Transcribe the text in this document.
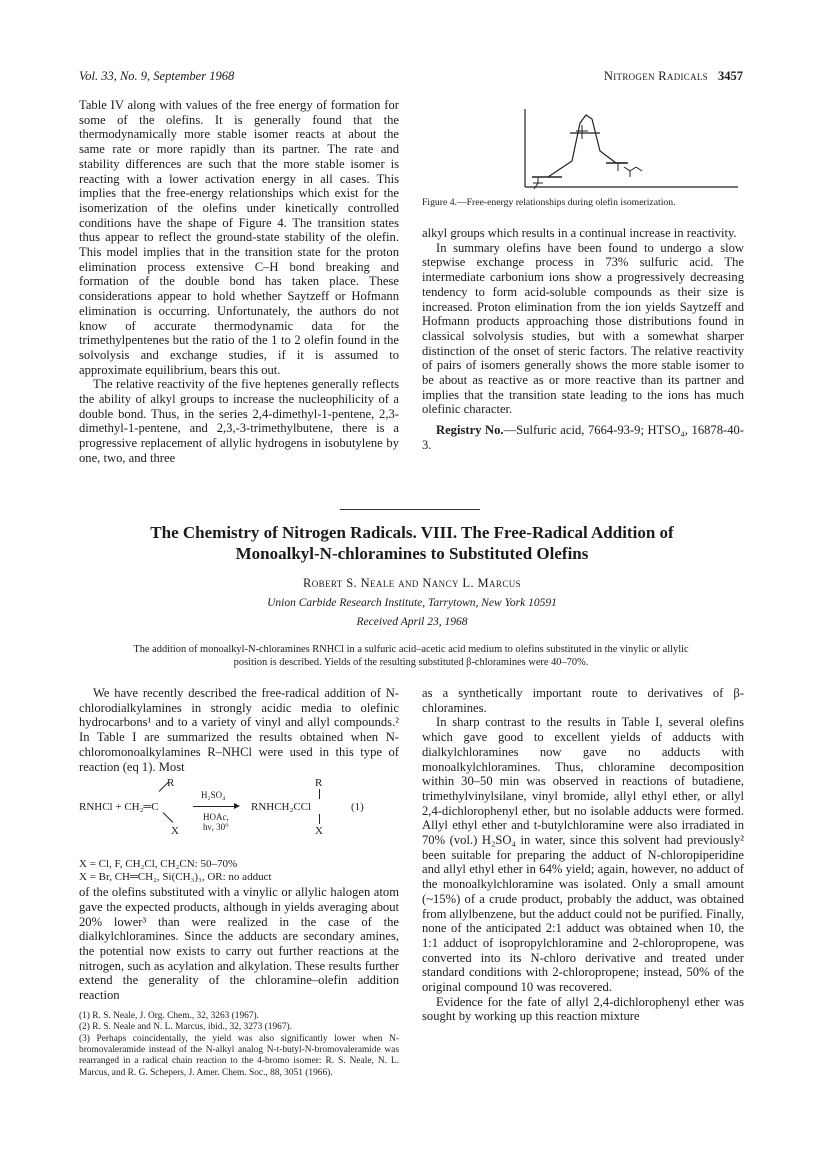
Vol. 33, No. 9, September 1968	Nitrogen Radicals 3457

Table IV along with values of the free energy of formation for some of the olefins. It is generally found that the thermodynamically more stable isomer reacts at about the same rate or more rapidly than its partner. The rate and stability differences are such that the more stable isomer is reacting with a lower activation energy in all cases. This implies that the free-energy relationships which exist for the isomerization of the olefins under kinetically controlled conditions have the shape of Figure 4. The transition states thus appear to reflect the ground-state stability of the olefin. This model implies that in the transition state for the proton elimination process extensive C–H bond breaking and formation of the double bond has taken place. These considerations appear to hold whether Saytzeff or Hofmann elimination is occurring. Unfortunately, the authors do not know of accurate thermodynamic data for the trimethylpentenes but the ratio of the 1 to 2 olefin found in the solvolysis and exchange studies, if it is assumed to approximate equilibrium, bears this out.

The relative reactivity of the five heptenes generally reflects the ability of alkyl groups to increase the nucleophilicity of a double bond. Thus, in the series 2,4-dimethyl-1-pentene, 2,3-dimethyl-1-pentene, and 2,3,-3-trimethylbutene, there is a progressive replacement of allylic hydrogens in isobutylene by one, two, and three

Figure 4.—Free-energy relationships during olefin isomerization.

alkyl groups which results in a continual increase in reactivity.

In summary olefins have been found to undergo a slow stepwise exchange process in 73% sulfuric acid. The intermediate carbonium ions show a progressively decreasing tendency to form acid-soluble compounds as their size is increased. Proton elimination from the ion yields Saytzeff and Hofmann products approaching those distributions found in classical solvolysis studies, but with a somewhat sharper distinction of the onset of steric factors. The relative reactivity of pairs of isomers generally shows the more stable isomer to be about as reactive as or more reactive than its partner and implies that the transition state leading to the ions has much olefinic character.

Registry No.—Sulfuric acid, 7664-93-9; HTSO₄, 16878-40-3.

The Chemistry of Nitrogen Radicals. VIII. The Free-Radical Addition of
Monoalkyl-N-chloramines to Substituted Olefins
Robert S. Neale and Nancy L. Marcus
Union Carbide Research Institute, Tarrytown, New York 10591
Received April 23, 1968
The addition of monoalkyl-N-chloramines RNHCl in a sulfuric acid–acetic acid medium to olefins substituted in the vinylic or allylic position is described. Yields of the resulting substituted β-chloramines were 40–70%.

We have recently described the free-radical addition of N-chlorodialkylamines in strongly acidic media to olefinic hydrocarbons¹ and to a variety of vinyl and allyl compounds.² In Table I are summarized the results obtained when N-chloromonoalkylamines R–NHCl were used in this type of reaction (eq 1). Most

R
RNHCl + CH₂═C
X
H₂SO₄
HOAc,
hν, 30°
R
RNHCH₂CCl	(1)
X
X = Cl, F, CH₂Cl, CH₂CN: 50–70%
X = Br, CH═CH₂, Si(CH₃)₃, OR: no adduct

of the olefins substituted with a vinylic or allylic halogen atom gave the expected products, although in yields averaging about 20% lower³ than were realized in the case of the dialkylchloramines. Since the adducts are secondary amines, the potential now exists to carry out further reactions at the nitrogen, such as acylation and alkylation. These results further extend the generality of the chloramine–olefin addition reaction

(1) R. S. Neale, J. Org. Chem., 32, 3263 (1967).
(2) R. S. Neale and N. L. Marcus, ibid., 32, 3273 (1967).
(3) Perhaps coincidentally, the yield was also significantly lower when N-bromovaleramide instead of the N-alkyl analog N-t-butyl-N-bromovaleramide was rearranged in a radical chain reaction to the 4-bromo isomer: R. S. Neale, N. L. Marcus, and R. G. Schepers, J. Amer. Chem. Soc., 88, 3051 (1966).

as a synthetically important route to derivatives of β-chloramines.

In sharp contrast to the results in Table I, several olefins which gave good to excellent yields of adducts with dialkylchloramines now gave no adducts with monoalkylchloramines. Thus, chloramine decomposition within 30–50 min was observed in reactions of butadiene, trimethylvinylsilane, vinyl bromide, allyl ethyl ether, or allyl 2,4-dichlorophenyl ether, but no isolable adducts were formed. Allyl ethyl ether and t-butylchloramine were also irradiated in 70% (vol.) H₂SO₄ in water, since this solvent had previously² been suitable for preparing the adduct of N-chloropiperidine and allyl ethyl ether in 64% yield; again, however, no adduct of the monoalkylchloramine was isolated. Only a small amount (~15%) of a crude product, probably the adduct, was obtained from allylbenzene, but the adduct could not be purified. Finally, none of the anticipated 2:1 adduct was obtained when 10, the 1:1 adduct of isopropylchloramine and 2-chloropropene, was converted into its N-chloro derivative and treated under standard conditions with 2-chloropropene; instead, 50% of the original compound 10 was recovered.

Evidence for the fate of allyl 2,4-dichlorophenyl ether was sought by working up this reaction mixture
